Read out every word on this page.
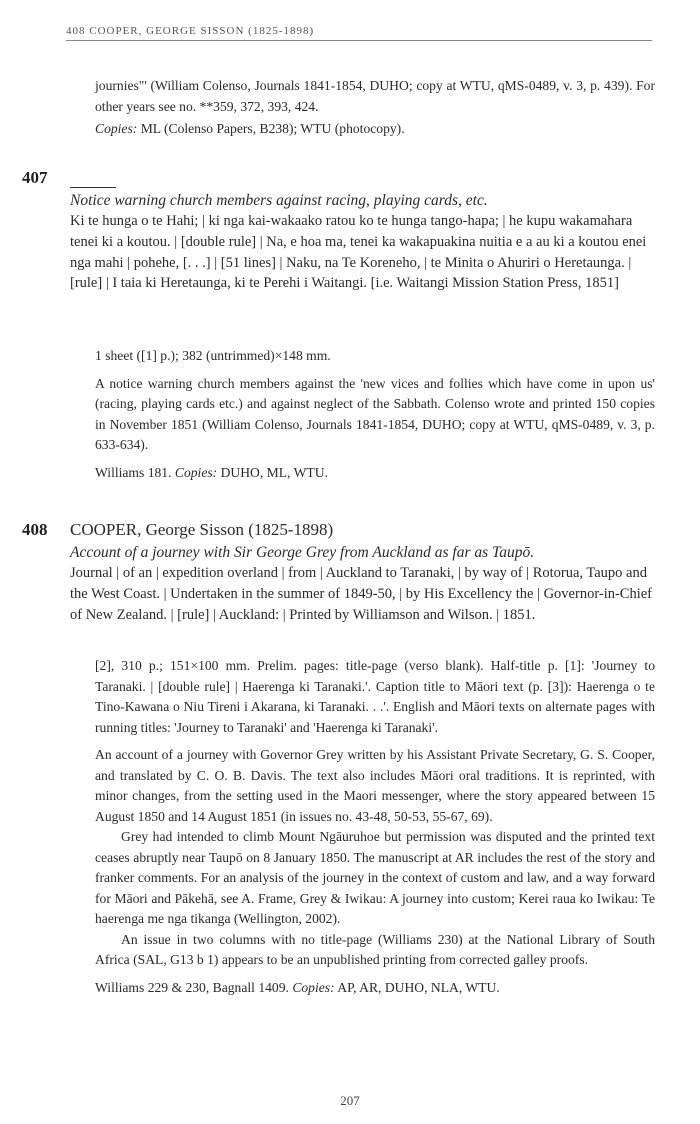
408 COOPER, GEORGE SISSON (1825-1898)

journies"' (William Colenso, Journals 1841-1854, DUHO; copy at WTU, qMS-0489, v. 3, p. 439). For other years see no. **359, 372, 393, 424.

Copies: ML (Colenso Papers, B238); WTU (photocopy).

407

Notice warning church members against racing, playing cards, etc.

Ki te hunga o te Hahi; | ki nga kai-wakaako ratou ko te hunga tango-hapa; | he kupu wakamahara tenei ki a koutou. | [double rule] | Na, e hoa ma, tenei ka wakapuakina nuitia e a au ki a koutou enei nga mahi | pohehe, [. . .] | [51 lines] | Naku, na Te Koreneho, | te Minita o Ahuriri o Heretaunga. | [rule] | I taia ki Heretaunga, ki te Perehi i Waitangi. [i.e. Waitangi Mission Station Press, 1851]

1 sheet ([1] p.); 382 (untrimmed)×148 mm.

A notice warning church members against the 'new vices and follies which have come in upon us' (racing, playing cards etc.) and against neglect of the Sabbath. Colenso wrote and printed 150 copies in November 1851 (William Colenso, Journals 1841-1854, DUHO; copy at WTU, qMS-0489, v. 3, p. 633-634).

Williams 181. Copies: DUHO, ML, WTU.

408 COOPER, George Sisson (1825-1898)

Account of a journey with Sir George Grey from Auckland as far as Taupō.

Journal | of an | expedition overland | from | Auckland to Taranaki, | by way of | Rotorua, Taupo and the West Coast. | Undertaken in the summer of 1849-50, | by His Excellency the | Governor-in-Chief of New Zealand. | [rule] | Auckland: | Printed by Williamson and Wilson. | 1851.

[2], 310 p.; 151×100 mm. Prelim. pages: title-page (verso blank). Half-title p. [1]: 'Journey to Taranaki. | [double rule] | Haerenga ki Taranaki.'. Caption title to Māori text (p. [3]): Haerenga o te Tino-Kawana o Niu Tireni i Akarana, ki Taranaki. . .'. English and Māori texts on alternate pages with running titles: 'Journey to Taranaki' and 'Haerenga ki Taranaki'.

An account of a journey with Governor Grey written by his Assistant Private Secretary, G. S. Cooper, and translated by C. O. B. Davis. The text also includes Māori oral traditions. It is reprinted, with minor changes, from the setting used in the Maori messenger, where the story appeared between 15 August 1850 and 14 August 1851 (in issues no. 43-48, 50-53, 55-67, 69).

Grey had intended to climb Mount Ngāuruhoe but permission was disputed and the printed text ceases abruptly near Taupō on 8 January 1850. The manuscript at AR includes the rest of the story and franker comments. For an analysis of the journey in the context of custom and law, and a way forward for Māori and Pākehā, see A. Frame, Grey & Iwikau: A journey into custom; Kerei raua ko Iwikau: Te haerenga me nga tikanga (Wellington, 2002).

An issue in two columns with no title-page (Williams 230) at the National Library of South Africa (SAL, G13 b 1) appears to be an unpublished printing from corrected galley proofs.

Williams 229 & 230, Bagnall 1409. Copies: AP, AR, DUHO, NLA, WTU.

207
